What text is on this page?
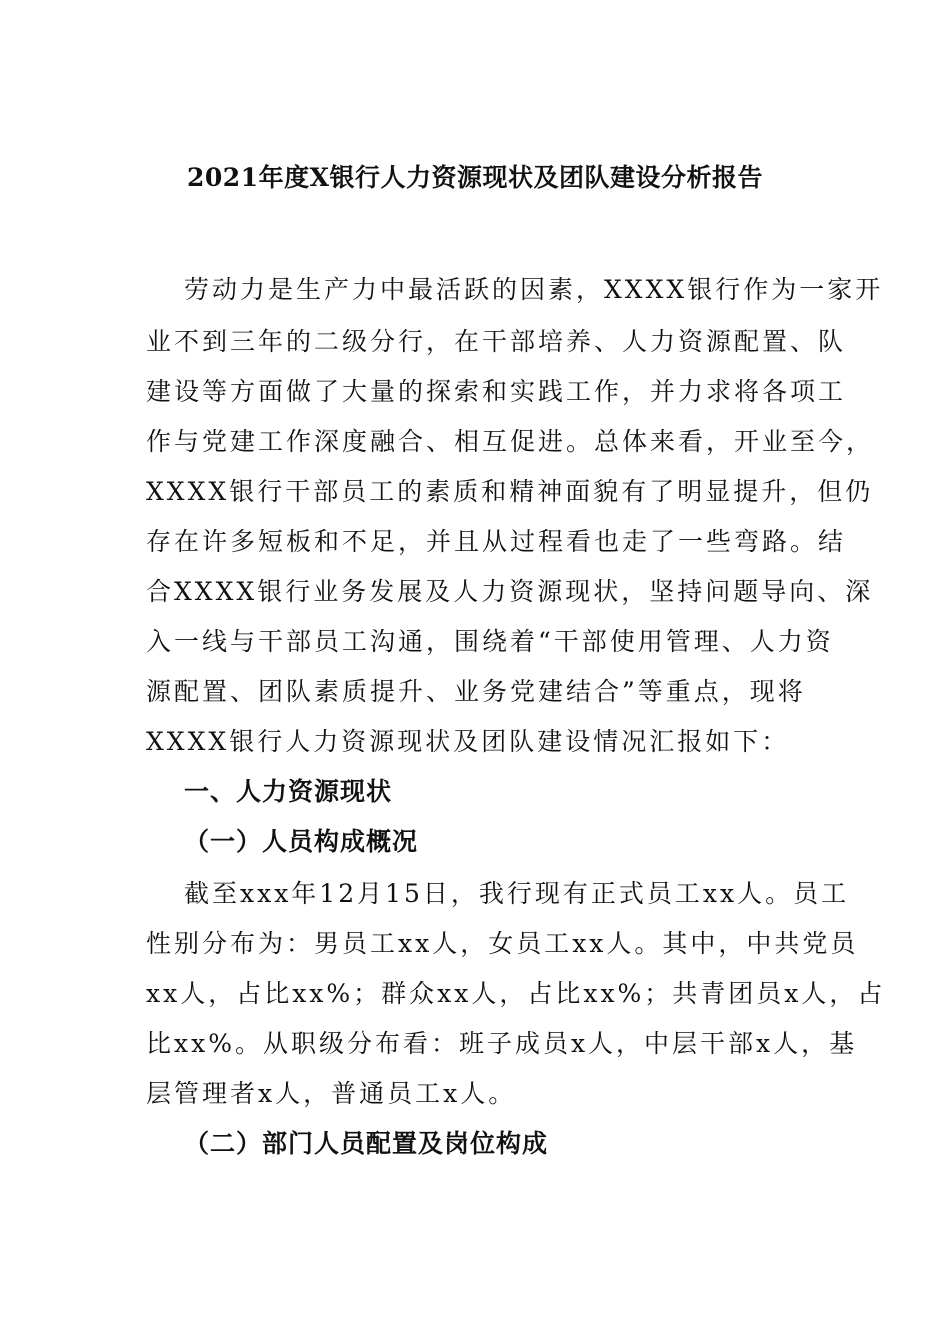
2021年度X银行人力资源现状及团队建设分析报告
劳动力是生产力中最活跃的因素，XXXX银行作为一家开
业不到三年的二级分行，在干部培养、人力资源配置、队
建设等方面做了大量的探索和实践工作，并力求将各项工
作与党建工作深度融合、相互促进。总体来看，开业至今，
XXXX银行干部员工的素质和精神面貌有了明显提升，但仍
存在许多短板和不足，并且从过程看也走了一些弯路。结
合XXXX银行业务发展及人力资源现状，坚持问题导向、深
入一线与干部员工沟通，围绕着“干部使用管理、人力资
源配置、团队素质提升、业务党建结合”等重点，现将
XXXX银行人力资源现状及团队建设情况汇报如下：
一、人力资源现状
（一）人员构成概况
截至xxx年12月15日，我行现有正式员工xx人。员工
性别分布为：男员工xx人，女员工xx人。其中，中共党员
xx人，占比xx%；群众xx人，占比xx%；共青团员x人，占
比xx%。从职级分布看：班子成员x人，中层干部x人，基
层管理者x人，普通员工x人。
（二）部门人员配置及岗位构成
